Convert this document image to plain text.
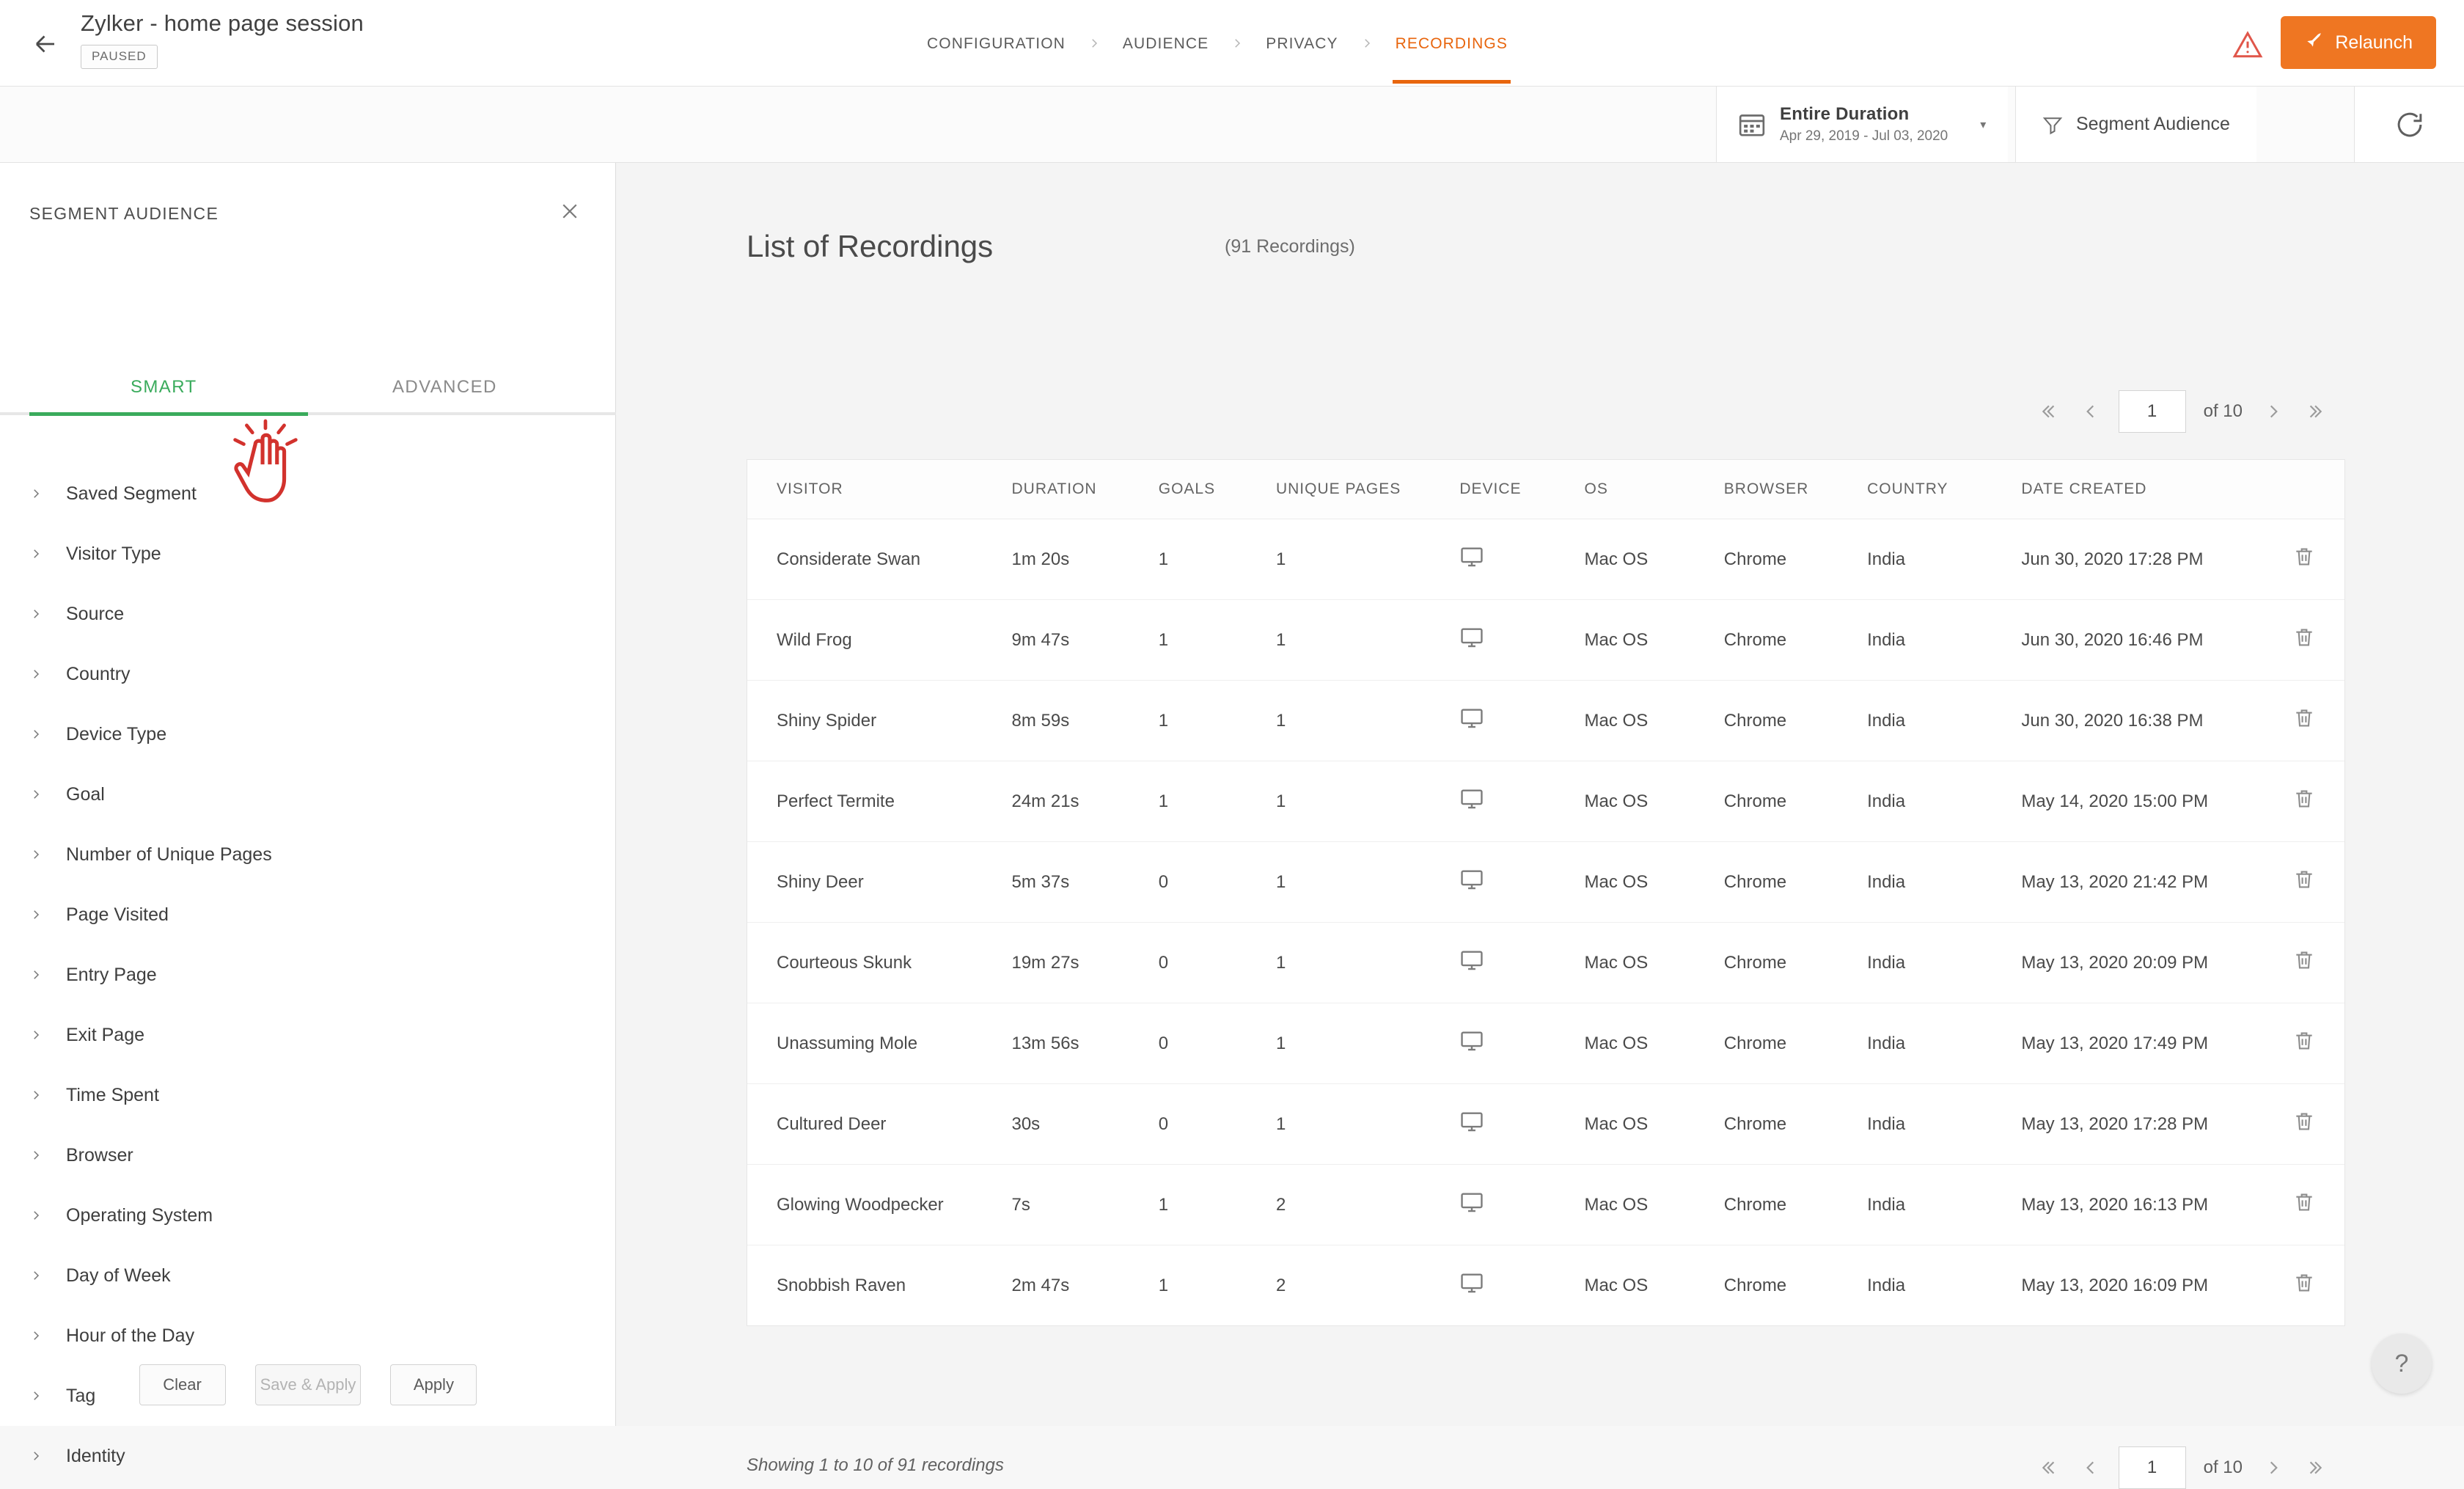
Zylker - home page session
PAUSED
CONFIGURATION	AUDIENCE	PRIVACY	RECORDINGS	Relaunch
Entire Duration
Apr 29, 2019 - Jul 03, 2020
▾	Segment Audience
SEGMENT AUDIENCE
SMART	ADVANCED
Saved Segment
Visitor Type
Source
Country
Device Type
Goal
Number of Unique Pages
Page Visited
Entry Page
Exit Page
Time Spent
Browser
Operating System
Day of Week
Hour of the Day
Tag
Identity
Clear	Save & Apply	Apply
List of Recordings	(91 Recordings)
1
of 10
VISITOR	DURATION	GOALS	UNIQUE PAGES	DEVICE	OS	BROWSER	COUNTRY	DATE CREATED	
Considerate Swan	1m 20s	1	1		Mac OS	Chrome	India	Jun 30, 2020 17:28 PM	
Wild Frog	9m 47s	1	1		Mac OS	Chrome	India	Jun 30, 2020 16:46 PM	
Shiny Spider	8m 59s	1	1		Mac OS	Chrome	India	Jun 30, 2020 16:38 PM	
Perfect Termite	24m 21s	1	1		Mac OS	Chrome	India	May 14, 2020 15:00 PM	
Shiny Deer	5m 37s	0	1		Mac OS	Chrome	India	May 13, 2020 21:42 PM	
Courteous Skunk	19m 27s	0	1		Mac OS	Chrome	India	May 13, 2020 20:09 PM	
Unassuming Mole	13m 56s	0	1		Mac OS	Chrome	India	May 13, 2020 17:49 PM	
Cultured Deer	30s	0	1		Mac OS	Chrome	India	May 13, 2020 17:28 PM	
Glowing Woodpecker	7s	1	2		Mac OS	Chrome	India	May 13, 2020 16:13 PM	
Snobbish Raven	2m 47s	1	2		Mac OS	Chrome	India	May 13, 2020 16:09 PM	
Showing 1 to 10 of 91 recordings
1	of 10
?
